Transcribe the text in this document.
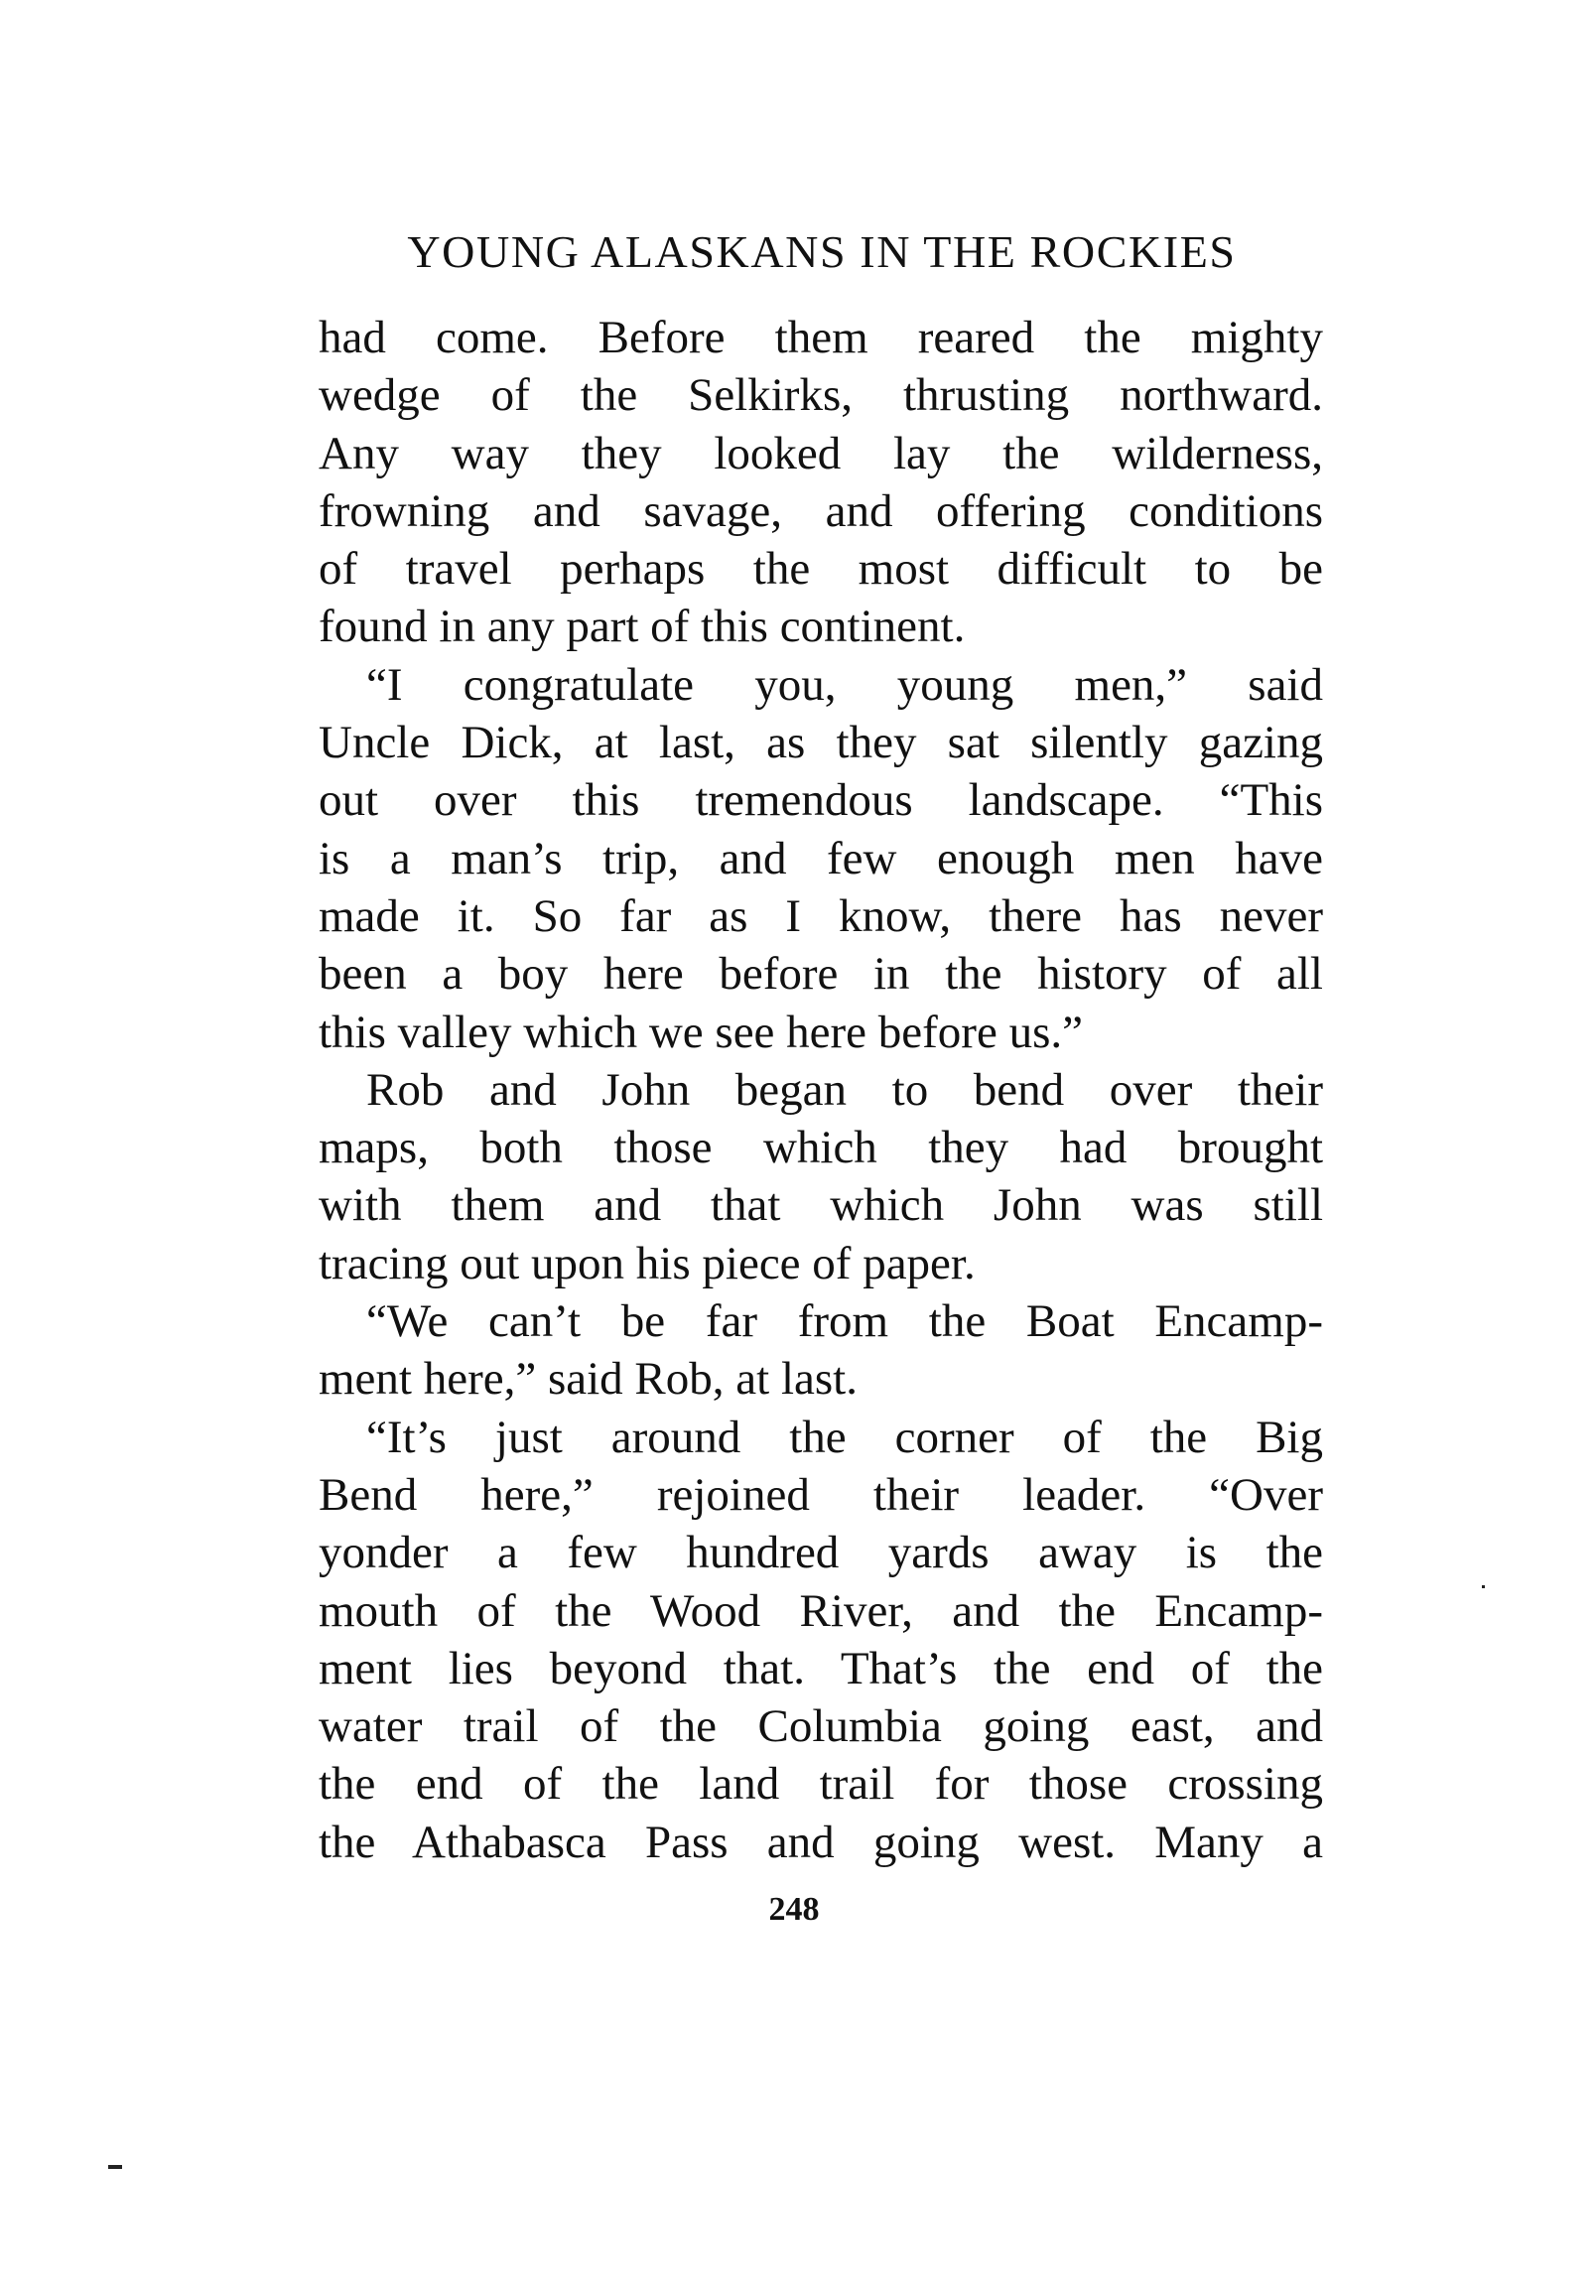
YOUNG ALASKANS IN THE ROCKIES
had come. Before them reared the mighty
wedge of the Selkirks, thrusting northward.
Any way they looked lay the wilderness,
frowning and savage, and offering conditions
of travel perhaps the most difficult to be
found in any part of this continent.
“I congratulate you, young men,” said
Uncle Dick, at last, as they sat silently gazing
out over this tremendous landscape. “This
is a man’s trip, and few enough men have
made it. So far as I know, there has never
been a boy here before in the history of all
this valley which we see here before us.”
Rob and John began to bend over their
maps, both those which they had brought
with them and that which John was still
tracing out upon his piece of paper.
“We can’t be far from the Boat Encamp-
ment here,” said Rob, at last.
“It’s just around the corner of the Big
Bend here,” rejoined their leader. “Over
yonder a few hundred yards away is the
mouth of the Wood River, and the Encamp-
ment lies beyond that. That’s the end of the
water trail of the Columbia going east, and
the end of the land trail for those crossing
the Athabasca Pass and going west. Many a
248
